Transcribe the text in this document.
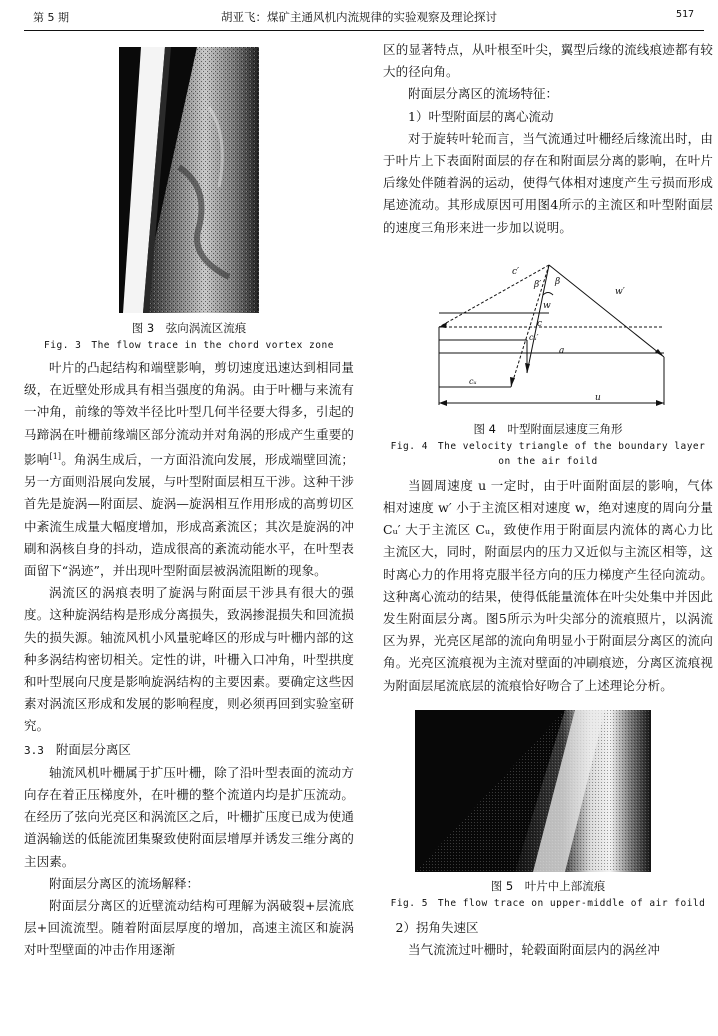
第 5 期	胡亚飞：煤矿主通风机内流规律的实验观察及理论探讨	517
图 3　弦向涡流区流痕
Fig. 3　The flow trace in the chord vortex zone

叶片的凸起结构和端壁影响，剪切速度迅速达到相同量级，在近壁处形成具有相当强度的角涡。由于叶栅与来流有一冲角，前缘的等效半径比叶型几何半径要大得多，引起的马蹄涡在叶栅前缘端区部分流动并对角涡的形成产生重要的影响[1]。角涡生成后，一方面沿流向发展，形成端壁回流；另一方面则沿展向发展，与叶型附面层相互干涉。这种干涉首先是旋涡—附面层、旋涡—旋涡相互作用形成的高剪切区中紊流生成量大幅度增加，形成高紊流区；其次是旋涡的冲刷和涡核自身的抖动，造成很高的紊流动能水平，在叶型表面留下“涡迹”，并出现叶型附面层被涡流阻断的现象。

涡流区的涡痕表明了旋涡与附面层干涉具有很大的强度。这种旋涡结构是形成分离损失，致涡掺混损失和回流损失的损失源。轴流风机小风量驼峰区的形成与叶栅内部的这种多涡结构密切相关。定性的讲，叶栅入口冲角，叶型拱度和叶型展向尺度是影响旋涡结构的主要因素。要确定这些因素对涡流区形成和发展的影响程度，则必须再回到实验室研究。

3.3 附面层分离区

轴流风机叶栅属于扩压叶栅，除了沿叶型表面的流动方向存在着正压梯度外，在叶栅的整个流道内均是扩压流动。在经历了弦向光亮区和涡流区之后，叶栅扩压度已成为使通道涡输送的低能流团集聚致使附面层增厚并诱发三维分离的主因素。

附面层分离区的流场解释：

附面层分离区的近壁流动结构可理解为涡破裂+层流底层+回流流型。随着附面层厚度的增加，高速主流区和旋涡对叶型壁面的冲击作用逐渐

区的显著特点，从叶根至叶尖，翼型后缘的流线痕迹都有较大的径向角。

附面层分离区的流场特征：
1）叶型附面层的离心流动

对于旋转叶轮而言，当气流通过叶栅经后缘流出时，由于叶片上下表面附面层的存在和附面层分离的影响，在叶片后缘处伴随着涡的运动，使得气体相对速度产生亏损而形成尾迹流动。其形成原因可用图4所示的主流区和叶型附面层的速度三角形来进一步加以说明。

c′
β′ β
w′
w
c
cᵤ′
a
cᵤ
u
图 4　叶型附面层速度三角形
Fig. 4　The velocity triangle of the boundary layer
on the air foild

当圆周速度 u 一定时，由于叶面附面层的影响，气体相对速度 w′ 小于主流区相对速度 w，绝对速度的周向分量 Cᵤ′ 大于主流区 Cᵤ，致使作用于附面层内流体的离心力比主流区大，同时，附面层内的压力又近似与主流区相等，这时离心力的作用将克服半径方向的压力梯度产生径向流动。这种离心流动的结果，使得低能量流体在叶尖处集中并因此发生附面层分离。图5所示为叶尖部分的流痕照片，以涡流区为界，光亮区尾部的流向角明显小于附面层分离区的流向角。光亮区流痕视为主流对壁面的冲刷痕迹，分离区流痕视为附面层尾流底层的流痕恰好吻合了上述理论分析。

图 5　叶片中上部流痕
Fig. 5　The flow trace on upper-middle of air foild
2）拐角失速区

当气流流过叶栅时，轮毂面附面层内的涡丝冲
